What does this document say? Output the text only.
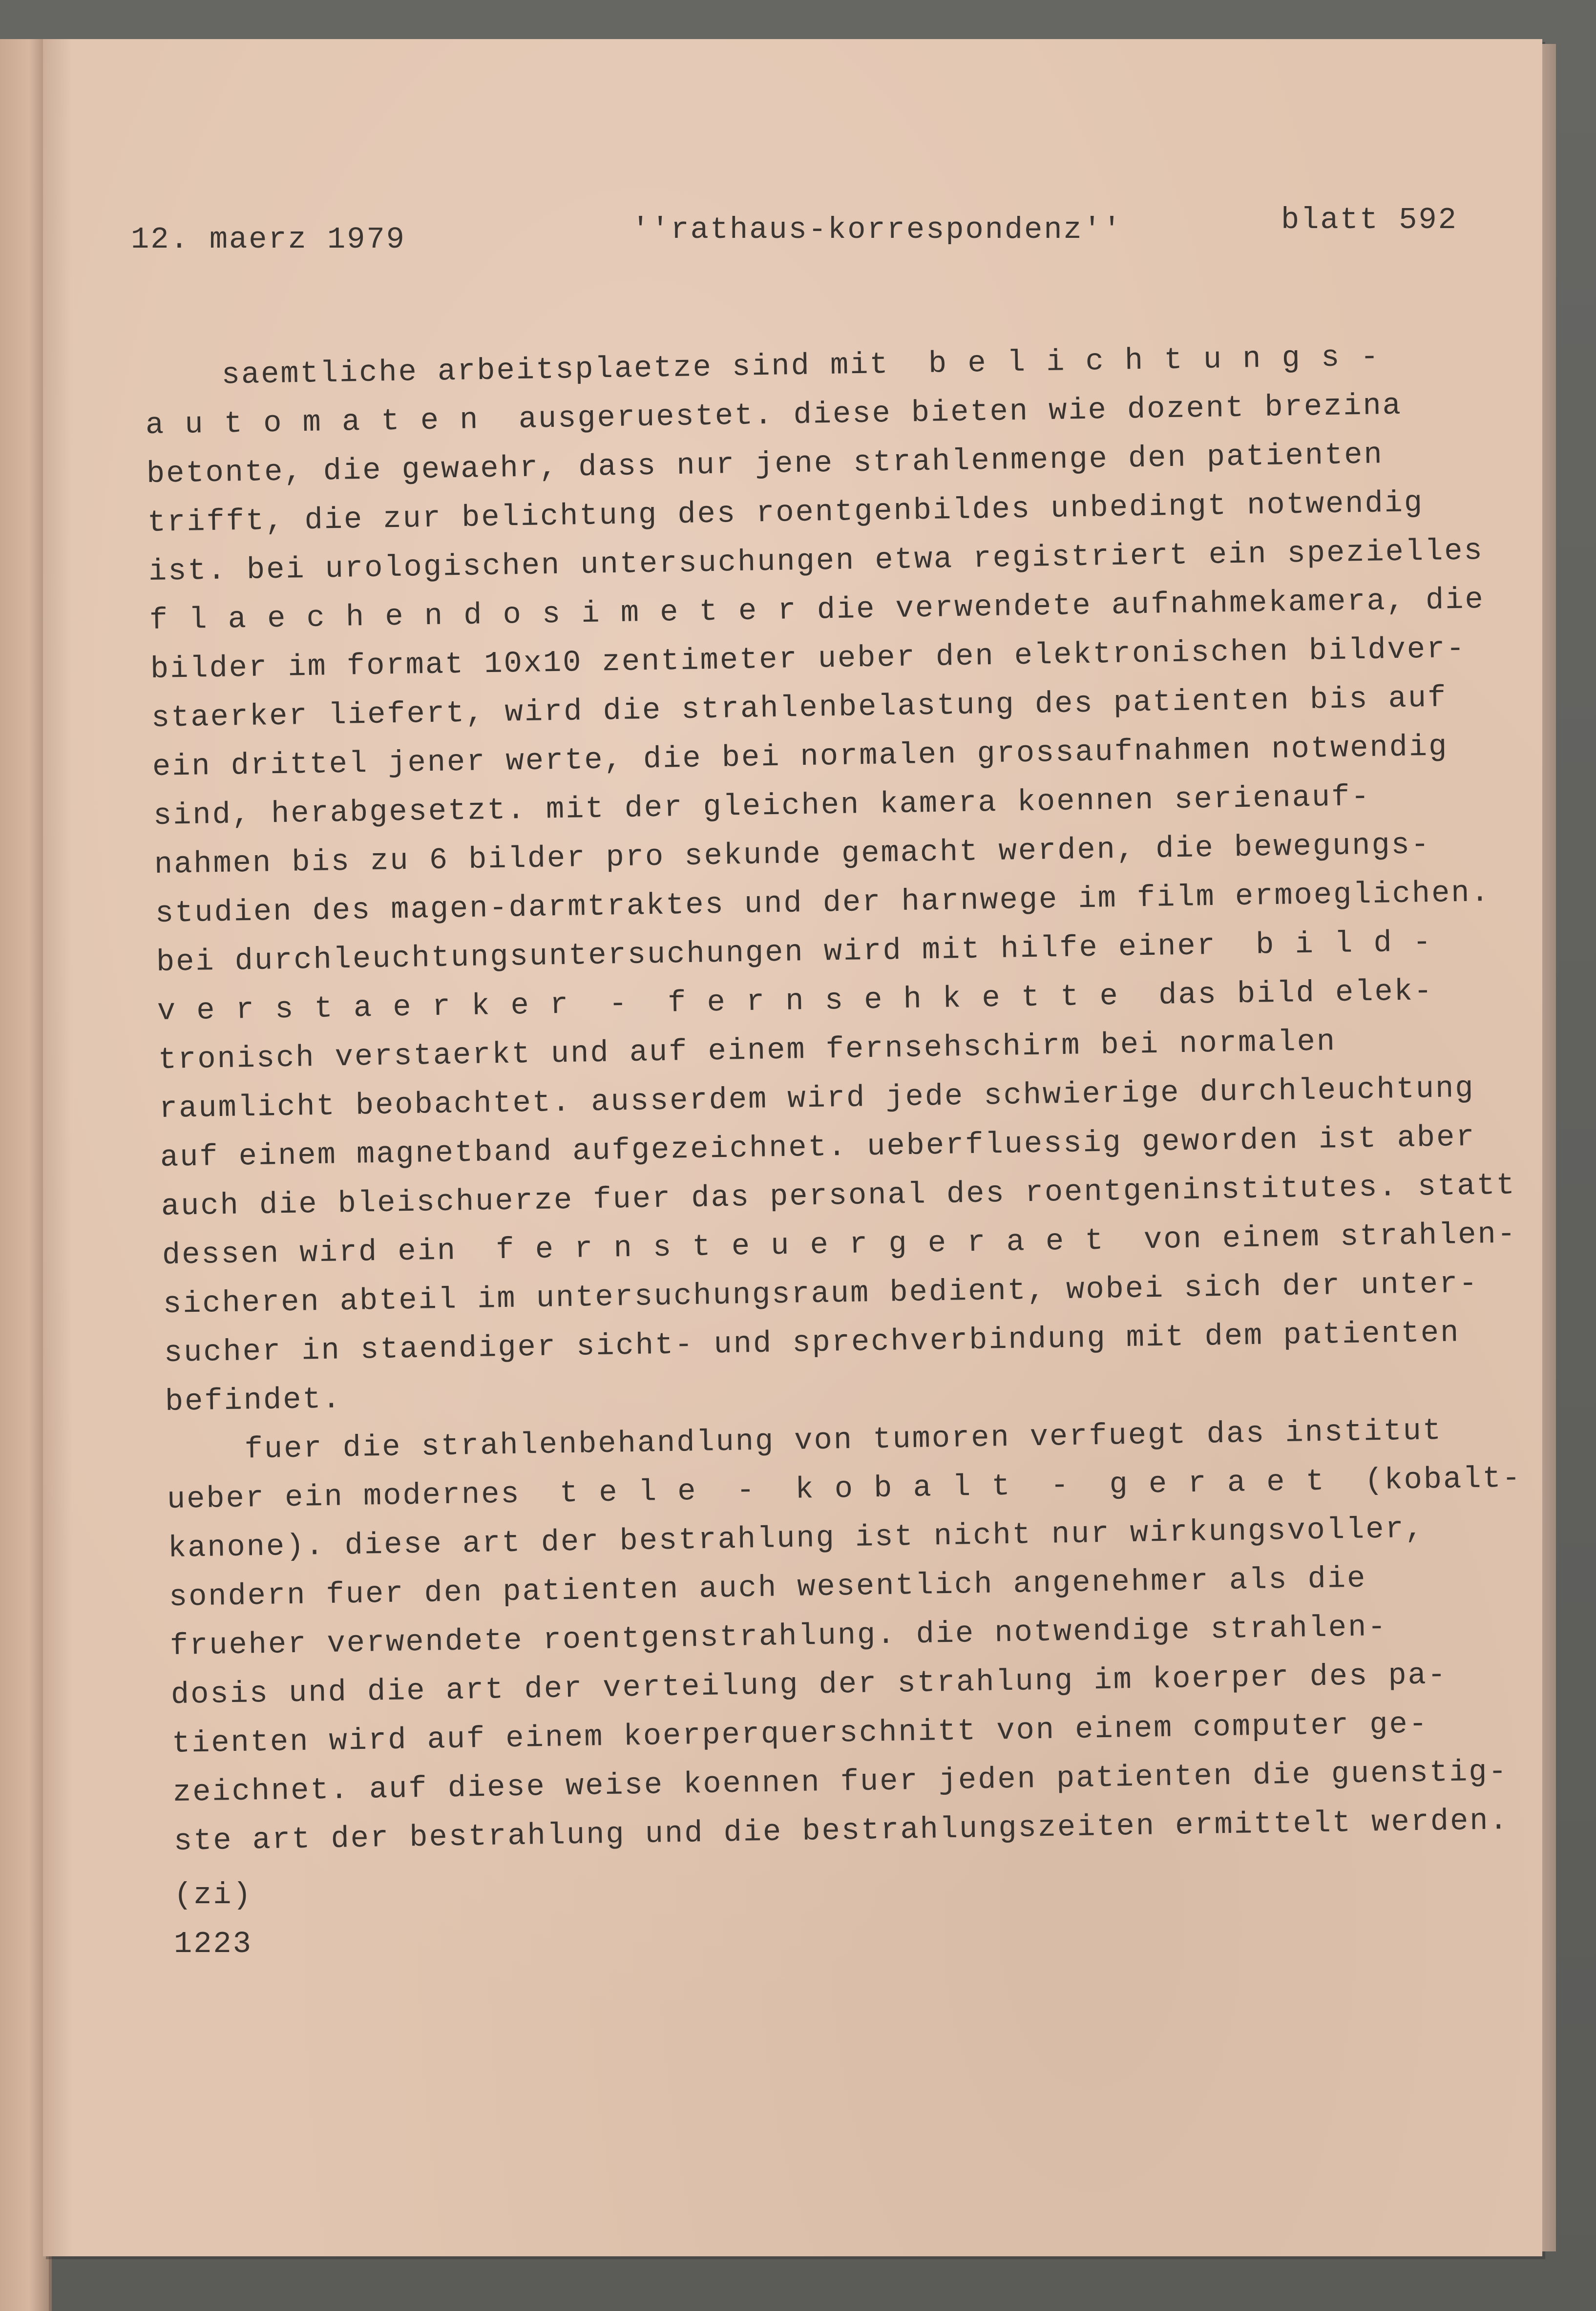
12. maerz 1979	''rathaus-korrespondenz''	blatt 592
saemtliche arbeitsplaetze sind mit  b e l i c h t u n g s -
a u t o m a t e n  ausgeruestet. diese bieten wie dozent brezina
betonte, die gewaehr, dass nur jene strahlenmenge den patienten
trifft, die zur belichtung des roentgenbildes unbedingt notwendig
ist. bei urologischen untersuchungen etwa registriert ein spezielles
f l a e c h e n d o s i m e t e r die verwendete aufnahmekamera, die
bilder im format 10x10 zentimeter ueber den elektronischen bildver-
staerker liefert, wird die strahlenbelastung des patienten bis auf
ein drittel jener werte, die bei normalen grossaufnahmen notwendig
sind, herabgesetzt. mit der gleichen kamera koennen serienauf-
nahmen bis zu 6 bilder pro sekunde gemacht werden, die bewegungs-
studien des magen-darmtraktes und der harnwege im film ermoeglichen.
bei durchleuchtungsuntersuchungen wird mit hilfe einer  b i l d -
v e r s t a e r k e r  -  f e r n s e h k e t t e  das bild elek-
tronisch verstaerkt und auf einem fernsehschirm bei normalen
raumlicht beobachtet. ausserdem wird jede schwierige durchleuchtung
auf einem magnetband aufgezeichnet. ueberfluessig geworden ist aber
auch die bleischuerze fuer das personal des roentgeninstitutes. statt
dessen wird ein  f e r n s t e u e r g e r a e t  von einem strahlen-
sicheren abteil im untersuchungsraum bedient, wobei sich der unter-
sucher in staendiger sicht- und sprechverbindung mit dem patienten
befindet.
fuer die strahlenbehandlung von tumoren verfuegt das institut
ueber ein modernes  t e l e  -  k o b a l t  -  g e r a e t  (kobalt-
kanone). diese art der bestrahlung ist nicht nur wirkungsvoller,
sondern fuer den patienten auch wesentlich angenehmer als die
frueher verwendete roentgenstrahlung. die notwendige strahlen-
dosis und die art der verteilung der strahlung im koerper des pa-
tienten wird auf einem koerperquerschnitt von einem computer ge-
zeichnet. auf diese weise koennen fuer jeden patienten die guenstig-
ste art der bestrahlung und die bestrahlungszeiten ermittelt werden.
(zi)
1223
